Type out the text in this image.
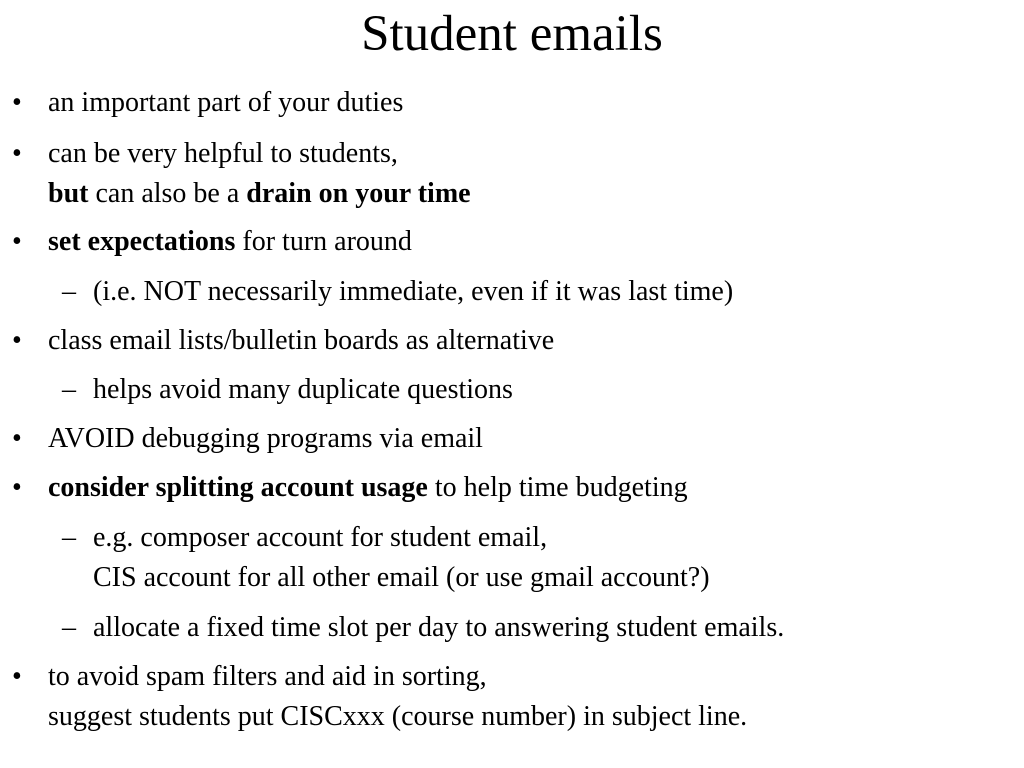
Student emails
• an important part of your duties
• can be very helpful to students,
but can also be a drain on your time
• set expectations for turn around
– (i.e. NOT necessarily immediate, even if it was last time)
• class email lists/bulletin boards as alternative
– helps avoid many duplicate questions
• AVOID debugging programs via email
• consider splitting account usage to help time budgeting
– e.g. composer account for student email,
CIS account for all other email (or use gmail account?)
– allocate a fixed time slot per day to answering student emails.
• to avoid spam filters and aid in sorting,
suggest students put CISCxxx (course number) in subject line.
